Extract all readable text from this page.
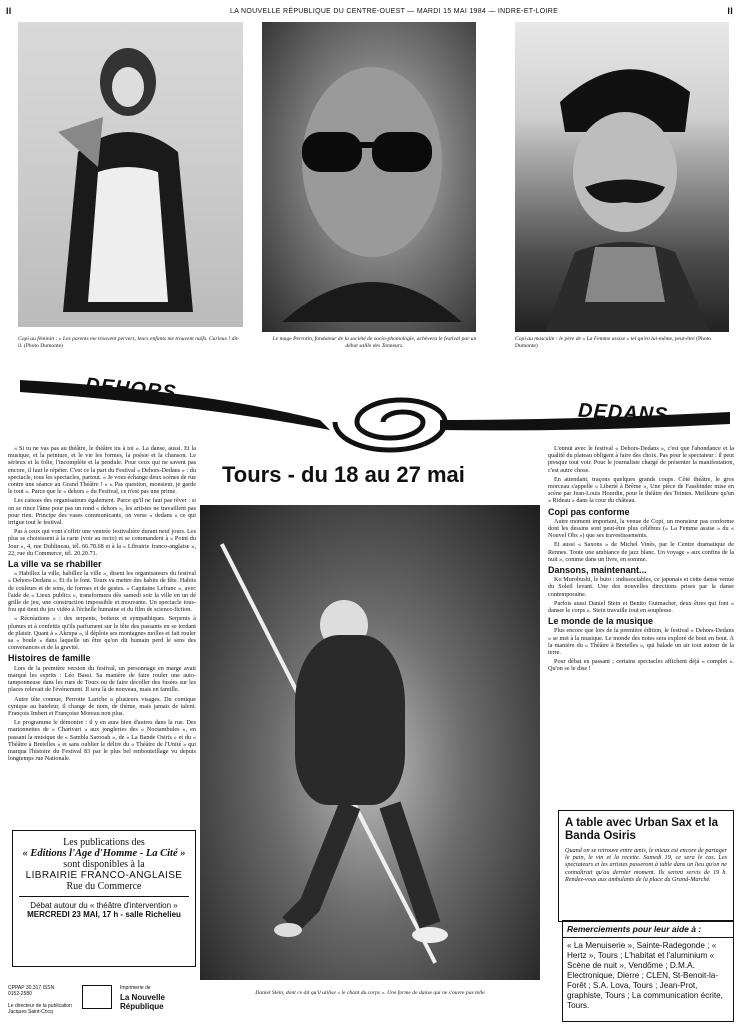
II	LA NOUVELLE RÉPUBLIQUE DU CENTRE-OUEST — MARDI 15 MAI 1984 — INDRE-ET-LOIRE	II
Copi au féminin : « Les parents me trouvent pervers, leurs enfants me trouvent naïfs. Curieux ! dit-il. (Photo Dumonte)
Le mage Perrotin, fondateur de la société de socio-phomologie, achèvera le festival par un débat sallle des Tanneurs.
Copi au masculin : le père de « La Femme assise » tel qu'en lui-même, peut-être (Photo Dumonte)
DEHORS
DEDANS
Tours - du 18 au 27 mai

« Si tu ne vas pas au théâtre, le théâtre ira à toi ». La danse, aussi. Et la musique, et la peinture, et le vie les formes, la poésie et la chanson. Le sérieux et la folie, l'incomplète et la pendule. Pour ceux qui ne savent pas encore, il faut le répéter. C'est ce la part du Festival « Dehors-Dedans » : du spectacle, tous les spectacles, partout. « Je vous échange deux scènes de rue contre une séance au Grand Théâtre ! » « Pas question, monsieur, je garde le tout ». Parce que le « dehors » du Festival, ce n'est pas une prime.

Les caisses des organisateurs également. Parce qu'il ne faut pas rêver : si on se rince l'âme pour pas un rond « dehors », les artistes ne travaillent pas pour rien. Principe des vases communicants, on verse « dedans » ce qui irrigue tout le festival.

Pas à ceux qui vont s'offrir une ventrée festivalière durant neuf jours. Les plus se choisissent à la carte (voir au recto) et se commandent à « Point du Jour », 4, rue Dublineau, tél. 66.78.68 et à la « Librairie franco-anglaise », 22, rue du Commerce, tél. 20.20.71.

La ville va se rhabiller

« Habillez la ville, habillez la ville », disent les organisateurs du festival « Dehors-Dedans ». Et ils le font. Tours va mettre des habits de fête. Habits de couleurs et de sons, de formes et de gestes. « Capitaine Lefranc », avec l'aide de « Lieux publics », transformera dès samedi soir la ville en un dé grille de jeu, une construction impossible et mouvante. Un spectacle tous-fou qui tient du jeu vidéo à l'échelle humaine et du film de science-fiction.

« Récréations » : des serpents, boiteux et sympathiques. Serpents à plumes et à confettis qu'ils parfument sur le tête des passants en se tordant de plaisir. Quant à « Akrupa », il déploie ses montagnes molles et fait rouler sa « boule » dans laquelle un être qu'on dit humain perd le sens des convenances et de la gravité.

Histoires de famille

Lors de la première version du festival, un personnage en marge avait marqué les esprits : Léo Bassi. Sa manière de faire rouler une auto-tamponneuse dans les rues de Tours ou de faire décoller des fusées sur les places relevait de l'événement. Il sera là de nouveau, mais en famille.

Autre tête connue, Perrotte Lariche a plusieurs visages. Du comique cynique au bateleur, il change de nom, de thème, mais jamais de talent. François Imbert et Françoise Moreau non plus.

Le programme le démontre : il y en aura bien d'autres dans la rue. Des marionnettes de « Charivari » aux jongleries des « Noctambules », en passant la musique de « Sambla Sarooah », de « La Bande Osiris » et du « Théâtre à Bretelles » et sans oublier le délire du « Théâtre de l'Unité » qui marqua l'histoire du Festival 83 par le plus bel embouteillage vu depuis longtemps rue Nationale.

Les publications des
« Editions l'Age d'Homme - La Cité »
sont disponibles à la
LIBRAIRIE FRANCO-ANGLAISE
Rue du Commerce
Débat autour du « théâtre d'intervention »
MERCREDI 23 MAI, 17 h - salle Richelieu
Daniel Stein, dont ce dit qu'il utilise « le chant du corps ». Une forme de danse qui ne s'ouvre pas telle

L'ennui avec le festival « Dehors-Dedans », c'est que l'abondance et la qualité du plateau obligent à faire des choix. Pas pour le spectateur : il peut presque tout voir. Pour le journaliste chargé de présenter la manifestation, c'est autre chose.

En attendant, traçons quelques grands coups. Côté théâtre, le gros morceau s'appelle « Liberté à Brême », Une pièce de Fassbinder mise en scène par Jean-Louis Hourdin, pour le théâtre des Teintes. Meilleure qu'un « Rideau » dans la cour du château.

Copi pas conforme

Autre moment important, la venue de Copi, un monsieur pas conforme dont les dessins sont peut-être plus célèbres (« La Femme assise » du « Nouvel Obs ») que ses travestissements.

Et aussi « Saxons » de Michel Vinès, par le Centre dramatique de Rennes. Toute une ambiance de jazz blanc. Un voyage « aux confins de la nuit », comme dans un livre, en somme.

Dansons, maintenant...

Ko Murobushi, le buto : indissociables, ce japonais et cette danse venue du Soleil levant. Une des nouvelles directions prises par la danse contemporaine.

Parfois aussi Daniel Stein et Benito Gutmacher, deux êtres qui font « danser le corps ». Stein travaille tout en souplesse.

Le monde de la musique

Plus encore que lors de la première édition, le festival « Dehors-Dedans » se met à la musique. Le monde des notes sera exploré de bout en bout. A la manière du « Théâtre à Bretelles », qui balade un air tout autour de la terre.

Pour débat en passant ; certains spectacles affichent déjà « complet ». Qu'on se le dise !

A table avec Urban Sax et la Banda Osiris
Quand on se retrouve entre amis, le mieux est encore de partager le pain, le vin et la recette. Samedi 19, ce sera le cas. Les spectateurs et les artistes passeront à table dans un lieu qu'on ne connaîtrait qu'au dernier moment. Ils seront servis de 19 h. Rendez-vous aux ambulants de la place du Grand-Marché.
Remerciements pour leur aide à :
« La Menuiserie », Sainte-Radegonde ; « Hertz », Tours ; L'habitat et l'aluminium « Scène de nuit », Vendôme ; D.M.A. Electronique, Dierre ; CLEN, St-Benoit-la-Forêt ; S.A. Lova, Tours ; Jean-Prot, graphiste, Tours ; La communication écrite, Tours.
CPPAP 30.317 ISSN 0152-2580
Le directeur de la publication Jacques Saint-Cricq
Imprimerie de
La Nouvelle République
